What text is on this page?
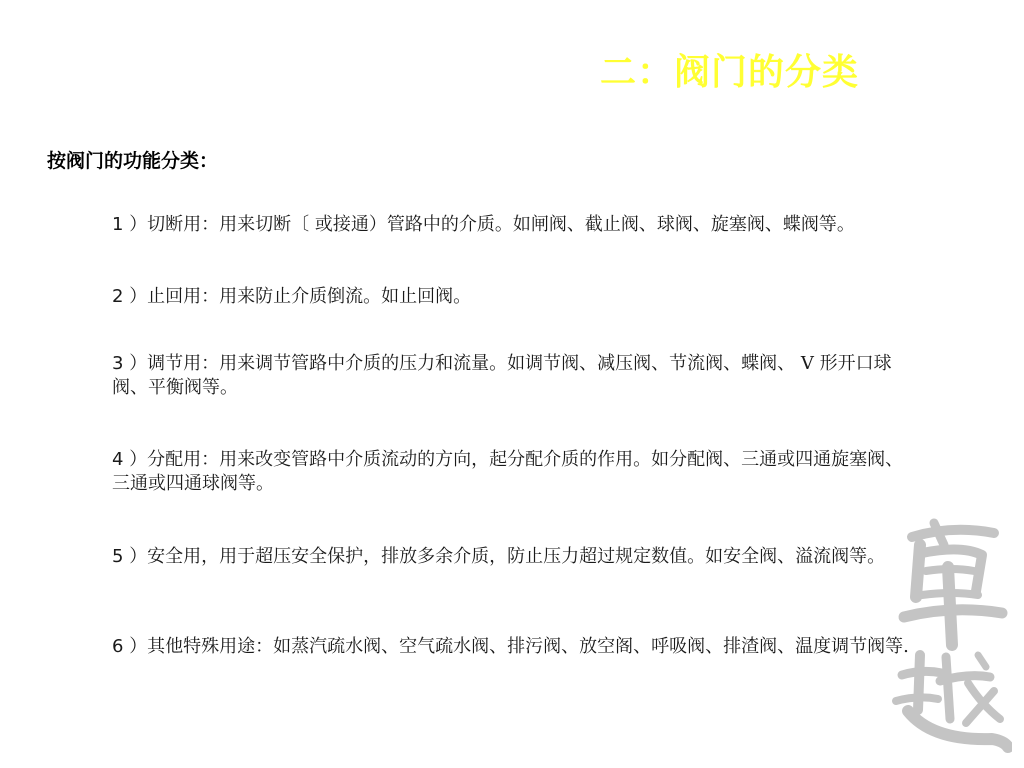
二：阀门的分类
按阀门的功能分类：
1 ）切断用：用来切断〔 或接通）管路中的介质。如闸阀、截止阀、球阀、旋塞阀、蝶阀等。
2 ）止回用：用来防止介质倒流。如止回阀。
3 ）调节用：用来调节管路中介质的压力和流量。如调节阀、减压阀、节流阀、蝶阀、 V 形开口球阀、平衡阀等。
4 ）分配用：用来改变管路中介质流动的方向，起分配介质的作用。如分配阀、三通或四通旋塞阀、三通或四通球阀等。
5 ）安全用，用于超压安全保护，排放多余介质，防止压力超过规定数值。如安全阀、溢流阀等。
6 ）其他特殊用途：如蒸汽疏水阀、空气疏水阀、排污阀、放空阁、呼吸阀、排渣阀、温度调节阀等.
